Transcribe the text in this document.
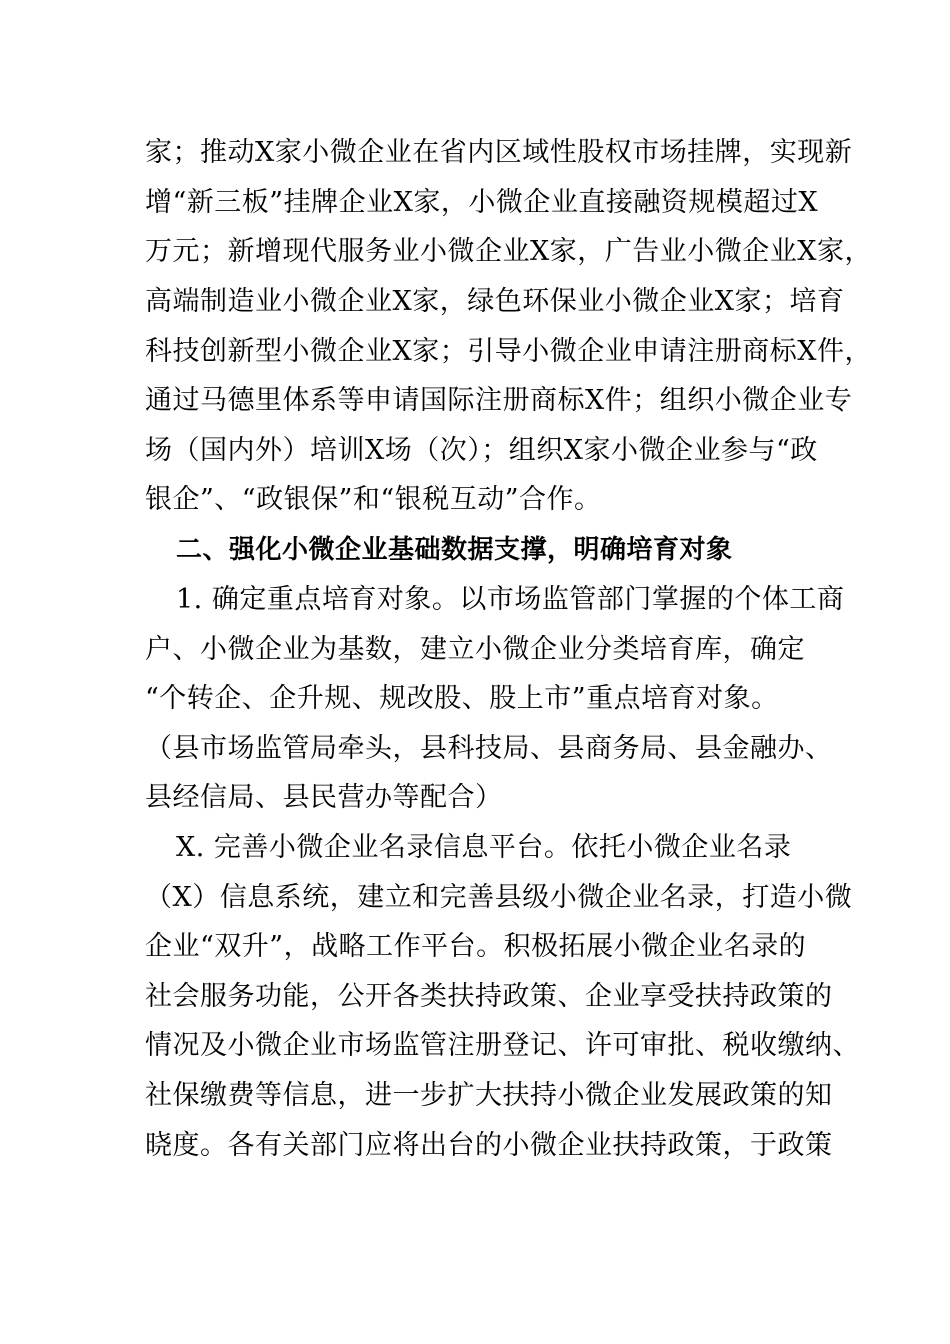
家；推动X家小微企业在省内区域性股权市场挂牌，实现新
增“新三板”挂牌企业X家，小微企业直接融资规模超过X
万元；新增现代服务业小微企业X家，广告业小微企业X家，
高端制造业小微企业X家，绿色环保业小微企业X家；培育
科技创新型小微企业X家；引导小微企业申请注册商标X件，
通过马德里体系等申请国际注册商标X件；组织小微企业专
场（国内外）培训X场（次）；组织X家小微企业参与“政
银企”、“政银保”和“银税互动”合作。
二、强化小微企业基础数据支撑，明确培育对象
1. 确定重点培育对象。以市场监管部门掌握的个体工商
户、小微企业为基数，建立小微企业分类培育库，确定
“个转企、企升规、规改股、股上市”重点培育对象。
（县市场监管局牵头，县科技局、县商务局、县金融办、
县经信局、县民营办等配合）
X. 完善小微企业名录信息平台。依托小微企业名录
（X）信息系统，建立和完善县级小微企业名录，打造小微
企业“双升”，战略工作平台。积极拓展小微企业名录的
社会服务功能，公开各类扶持政策、企业享受扶持政策的
情况及小微企业市场监管注册登记、许可审批、税收缴纳、
社保缴费等信息，进一步扩大扶持小微企业发展政策的知
晓度。各有关部门应将出台的小微企业扶持政策，于政策
